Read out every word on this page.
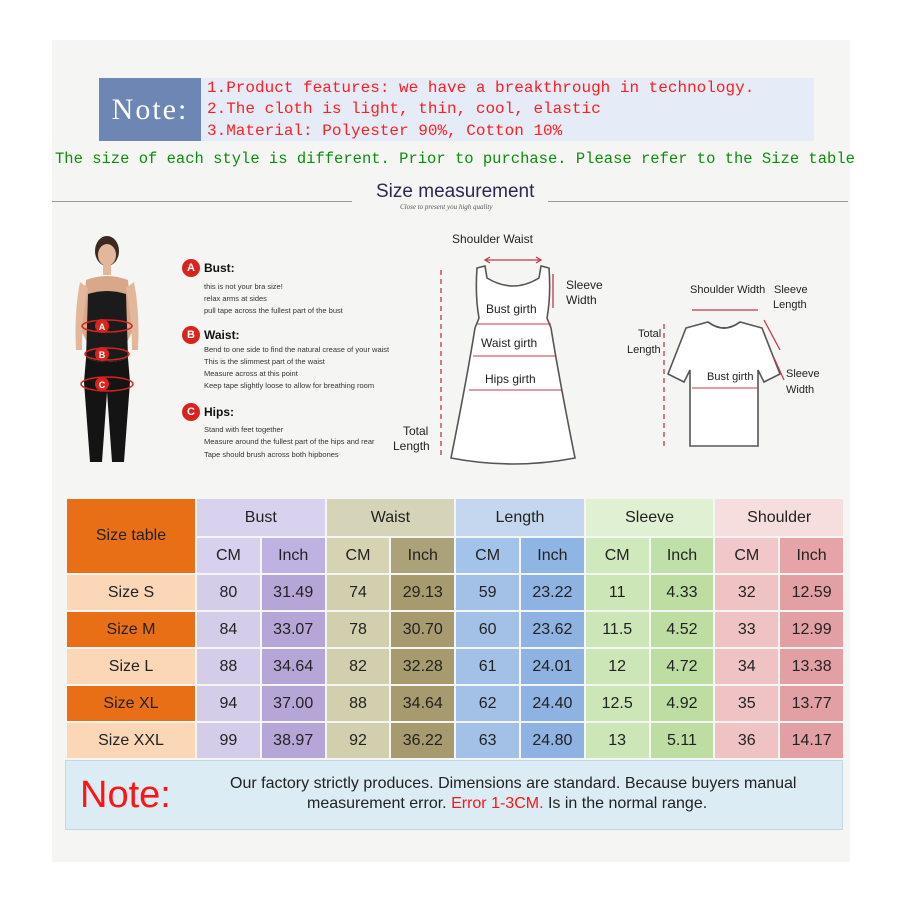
Note:
1.Product features: we have a breakthrough in technology.
2.The cloth is light, thin, cool, elastic
3.Material: Polyester 90%, Cotton 10%
The size of each style is different. Prior to purchase. Please refer to the Size table
Size measurement
Close to present you high quality
A
B
C
A Bust:
this is not your bra size!
relax arms at sides
pull tape across the fullest part of the bust
B Waist:
Bend to one side to find the natural crease of your waist
This is the slimmest part of the waist
Measure across at this point
Keep tape slightly loose to allow for breathing room
C Hips:
Stand with feet together
Measure around the fullest part of the hips and rear
Tape should brush across both hipbones
Shoulder Waist
Sleeve
Width
Bust girth
Waist girth
Hips girth
Total
Length
Shoulder Width Sleeve
Length
Total
Length
Bust girth	Sleeve
Width
Size table	Bust		Waist		Length		Sleeve		Shoulder	
	CM	Inch	CM	Inch	CM	Inch	CM	Inch	CM	Inch
Size S	80	31.49	74	29.13	59	23.22	11	4.33	32	12.59
Size M	84	33.07	78	30.70	60	23.62	11.5	4.52	33	12.99
Size L	88	34.64	82	32.28	61	24.01	12	4.72	34	13.38
Size XL	94	37.00	88	34.64	62	24.40	12.5	4.92	35	13.77
Size XXL	99	38.97	92	36.22	63	24.80	13	5.11	36	14.17
Note:	Our factory strictly produces. Dimensions are standard. Because buyers manual
measurement error. Error 1-3CM. Is in the normal range.
